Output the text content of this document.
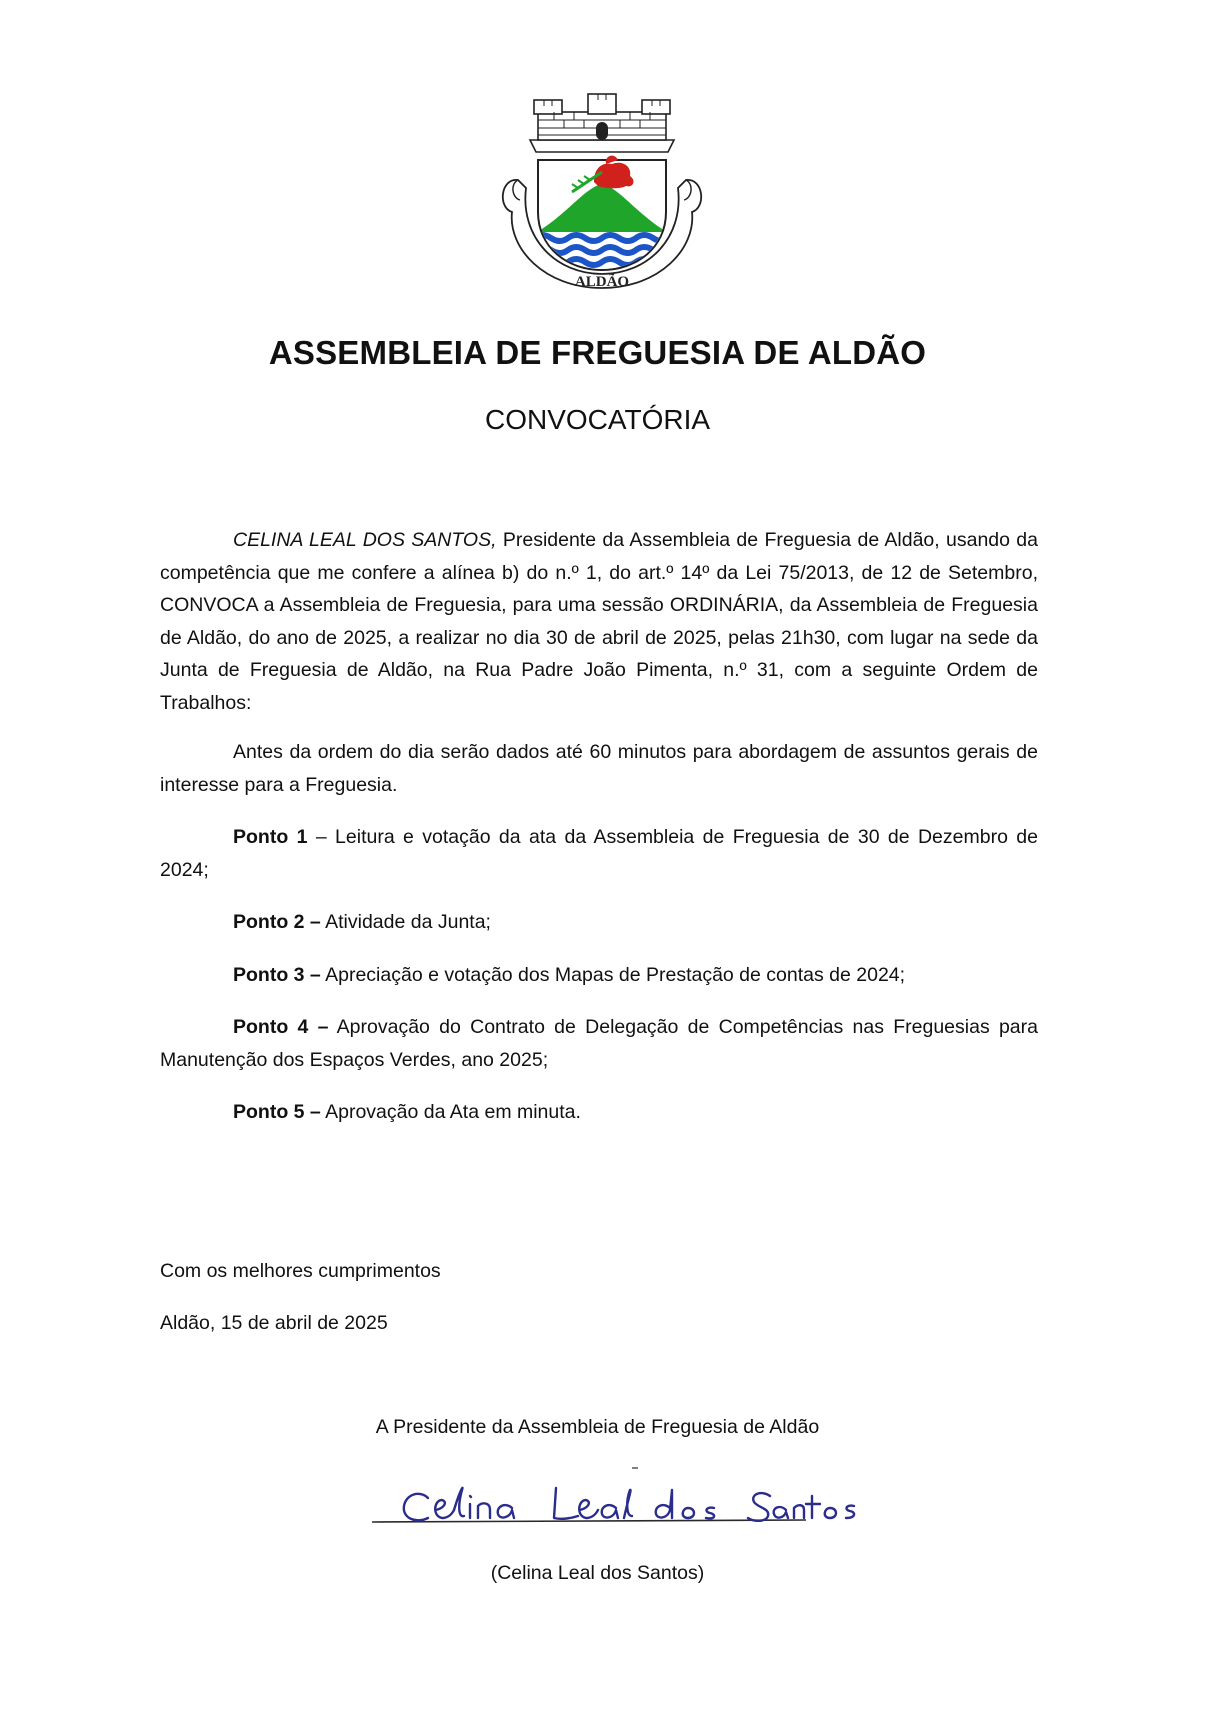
ALDÃO
ASSEMBLEIA DE FREGUESIA DE ALDÃO
CONVOCATÓRIA

CELINA LEAL DOS SANTOS, Presidente da Assembleia de Freguesia de Aldão, usando da competência que me confere a alínea b) do n.º 1, do art.º 14º da Lei 75/2013, de 12 de Setembro, CONVOCA a Assembleia de Freguesia, para uma sessão ORDINÁRIA, da Assembleia de Freguesia de Aldão, do ano de 2025, a realizar no dia 30 de abril de 2025, pelas 21h30, com lugar na sede da Junta de Freguesia de Aldão, na Rua Padre João Pimenta, n.º 31, com a seguinte Ordem de Trabalhos:

Antes da ordem do dia serão dados até 60 minutos para abordagem de assuntos gerais de interesse para a Freguesia.

Ponto 1 – Leitura e votação da ata da Assembleia de Freguesia de 30 de Dezembro de 2024;

Ponto 2 – Atividade da Junta;

Ponto 3 – Apreciação e votação dos Mapas de Prestação de contas de 2024;

Ponto 4 – Aprovação do Contrato de Delegação de Competências nas Freguesias para Manutenção dos Espaços Verdes, ano 2025;

Ponto 5 – Aprovação da Ata em minuta.

Com os melhores cumprimentos
Aldão, 15 de abril de 2025
A Presidente da Assembleia de Freguesia de Aldão
(Celina Leal dos Santos)
